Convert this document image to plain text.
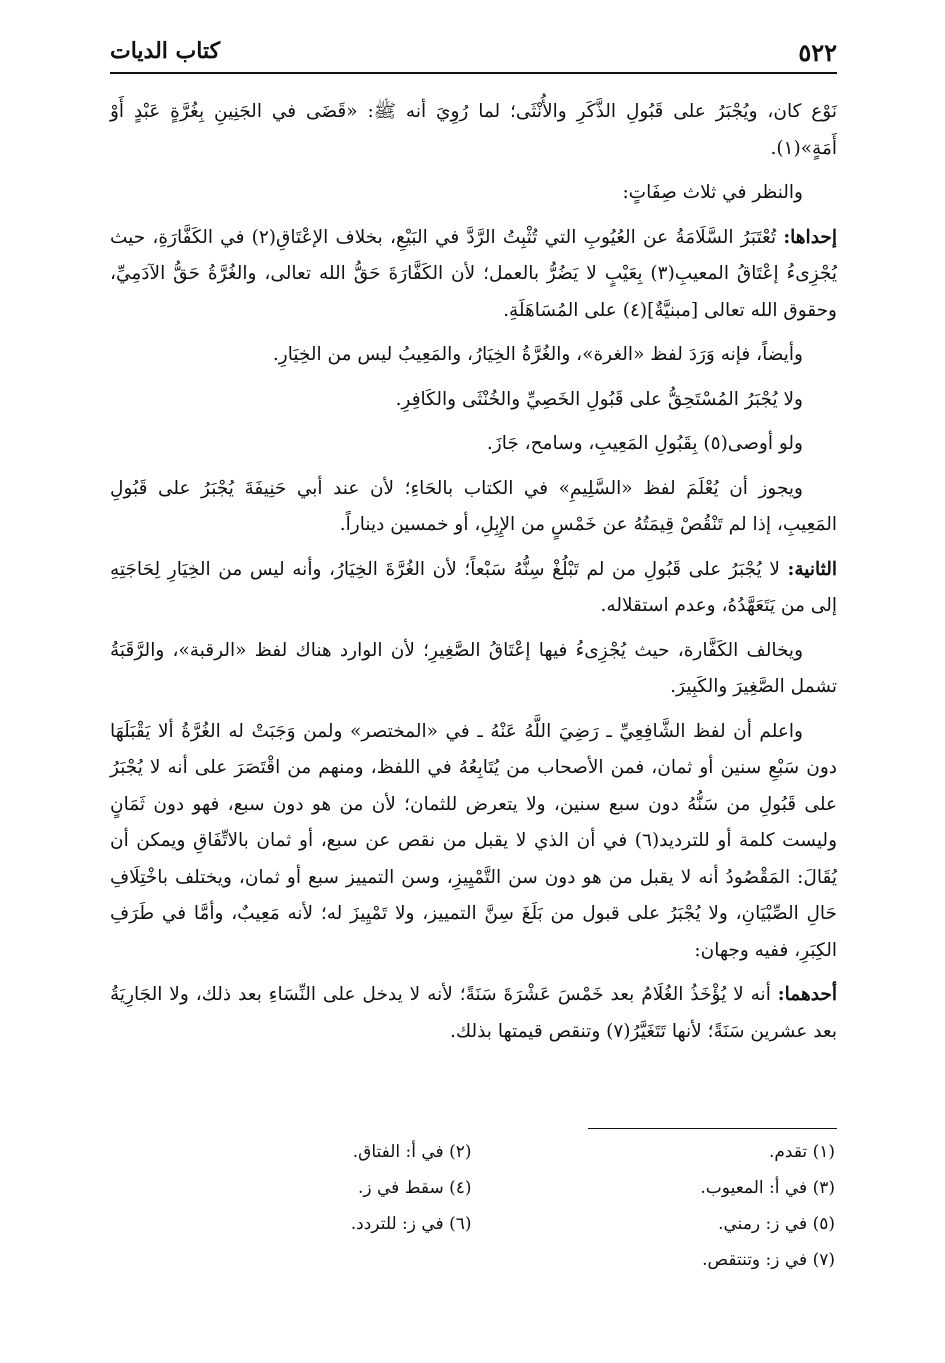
٥٢٢
كتاب الديات

نَوْع كان، ويُجْبَرُ على قَبُولِ الذَّكَرِ والأُنْثَى؛ لما رُوِيَ أنه ﷺ: «قَضَى في الجَنِينِ بِغُرَّةٍ عَبْدٍ أَوْ أَمَةٍ»(١).

والنظر في ثلاث صِفَاتٍ:

إحداها: تُعْتَبَرُ السَّلَامَةُ عن العُيُوبِ التي تُثْبِتُ الرَّدَّ في البَيْعِ، بخلاف الإعْتَاقِ(٢) في الكَفَّارَةِ، حيث يُجْزِىءُ إعْتَاقُ المعيبِ(٣) بِعَيْبٍ لا يَضُرُّ بالعمل؛ لأن الكَفَّارَةَ حَقُّ الله تعالى، والغُرَّةُ حَقُّ الآدَمِيِّ، وحقوق الله تعالى [مبنيَّةٌ](٤) على المُسَاهَلَةِ.

وأيضاً، فإنه وَرَدَ لفظ «الغرة»، والغُرَّةُ الخِيَارُ، والمَعِيبُ ليس من الخِيَارِ.

ولا يُجْبَرُ المُسْتَحِقُّ على قَبُولِ الخَصِيِّ والخُنْثَى والكَافِرِ.

ولو أوصى(٥) بِقَبُولِ المَعِيبِ، وسامح، جَازَ.

ويجوز أن يُعْلَمَ لفظ «السَّلِيمِ» في الكتاب بالحَاءِ؛ لأن عند أبي حَنِيفَةَ يُجْبَرُ على قَبُولِ المَعِيبِ، إذا لم تَنْقُصْ قِيمَتُهُ عن خَمْسٍ من الإِبِلِ، أو خمسين ديناراً.

الثانية: لا يُجْبَرُ على قَبُولِ من لم تَبْلُغْ سِنُّهُ سَبْعاً؛ لأن الغُرَّةَ الخِيَارُ، وأنه ليس من الخِيَارِ لِحَاجَتِهِ إلى من يَتَعَهَّدُهُ، وعدم استقلاله.

ويخالف الكَفَّارة، حيث يُجْزِىءُ فيها إعْتَاقُ الصَّغِيرِ؛ لأن الوارد هناك لفظ «الرقبة»، والرَّقَبَةُ تشمل الصَّغِيرَ والكَبِيرَ.

واعلم أن لفظ الشَّافِعِيِّ ـ رَضِيَ اللَّهُ عَنْهُ ـ في «المختصر» ولمن وَجَبَتْ له الغُرَّةُ ألا يَقْبَلَهَا دون سَبْعِ سنين أو ثمان، فمن الأصحاب من يُتَابِعُهُ في اللفظ، ومنهم من اقْتَصَرَ على أنه لا يُجْبَرُ على قَبُولِ من سَنُّهُ دون سبع سنين، ولا يتعرض للثمان؛ لأن من هو دون سبع، فهو دون ثَمَانٍ وليست كلمة أو للترديد(٦) في أن الذي لا يقبل من نقص عن سبع، أو ثمان بالاتِّفَاقِ ويمكن أن يُقَالَ: المَقْصُودُ أنه لا يقبل من هو دون سن التَّمْيِيزِ، وسن التمييز سبع أو ثمان، ويختلف باخْتِلَافِ حَالِ الصِّبْيَانِ، ولا يُجْبَرُ على قبول من بَلَغَ سِنَّ التمييز، ولا تَمْيِيزَ له؛ لأنه مَعِيبٌ، وأمَّا في طَرَفِ الكِبَرِ، ففيه وجهان:

أحدهما: أنه لا يُؤْخَذُ الغُلَامُ بعد خَمْسَ عَشْرَةَ سَنَةً؛ لأنه لا يدخل على النِّسَاءِ بعد ذلك، ولا الجَارِيَةُ بعد عشرين سَنَةً؛ لأنها تَتَغَيَّرُ(٧) وتنقص قيمتها بذلك.

(١) تقدم.
(٢) في أ: الفتاق.
(٣) في أ: المعيوب.
(٤) سقط في ز.
(٥) في ز: رمني.
(٦) في ز: للتردد.
(٧) في ز: وتنتقص.
